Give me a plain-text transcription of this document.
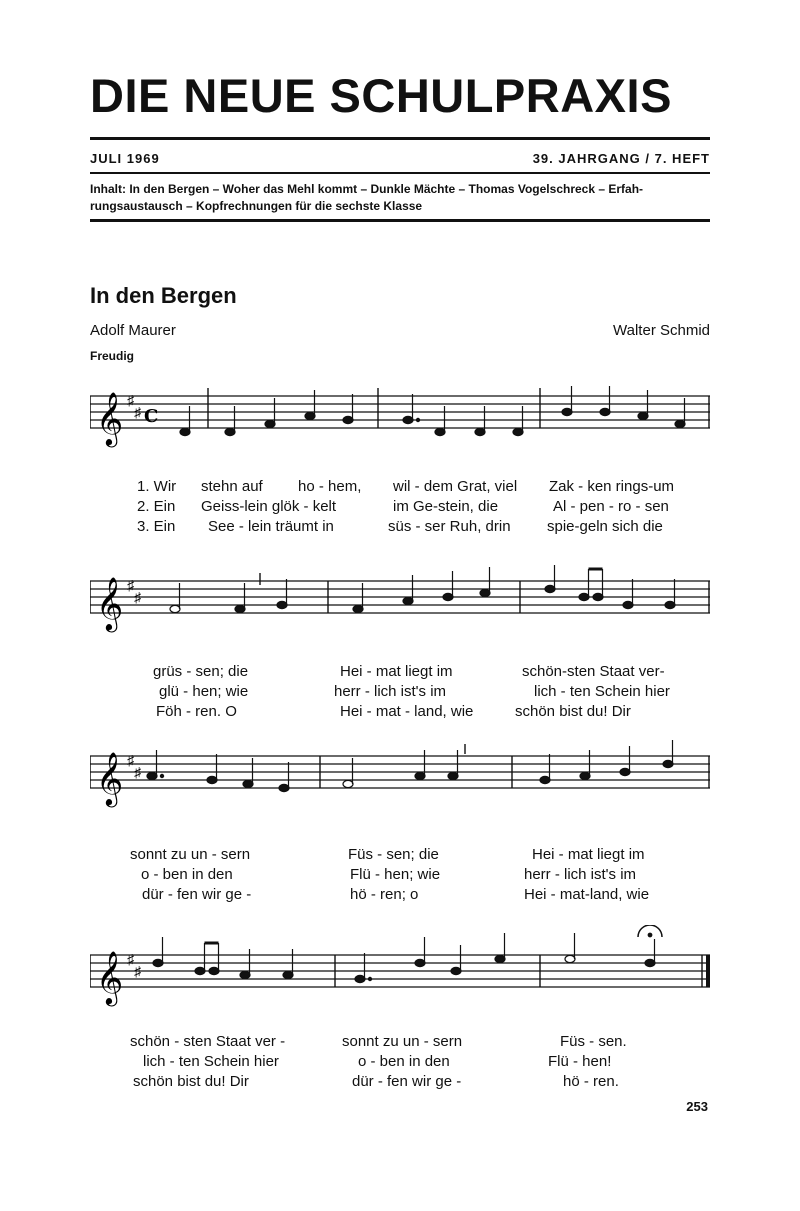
DIE NEUE SCHULPRAXIS
JULI 1969	39. JAHRGANG / 7. HEFT
Inhalt: In den Bergen – Woher das Mehl kommt – Dunkle Mächte – Thomas Vogelschreck – Erfah-
rungsaustausch – Kopfrechnungen für die sechste Klasse
In den Bergen
Adolf Maurer	Walter Schmid
Freudig
𝄞 ♯
♯ C
1. Wir stehn auf ho - hem, wil - dem Grat, viel Zak - ken rings-um
2. Ein Geiss-lein glök - kelt	im Ge-stein, die	Al - pen - ro - sen
3. Ein See - lein träumt in	süs - ser Ruh, drin spie-geln sich die
𝄞 ♯
♯
grüs - sen; die	Hei - mat liegt im	schön-sten Staat ver-
glü - hen; wie	herr - lich ist's im	lich - ten Schein hier
Föh - ren. O	Hei - mat - land, wie	schön bist du! Dir
𝄞 ♯
♯
sonnt zu un - sern	Füs - sen; die	Hei - mat liegt im
o - ben in den	Flü - hen; wie	herr - lich ist's im
dür - fen wir ge -	hö - ren; o	Hei - mat-land, wie
𝄞 ♯
♯
schön - sten Staat ver -	sonnt zu un - sern	Füs - sen.
lich - ten Schein hier	o - ben in den	Flü - hen!
schön bist du! Dir	dür - fen wir ge -	hö - ren.
253
